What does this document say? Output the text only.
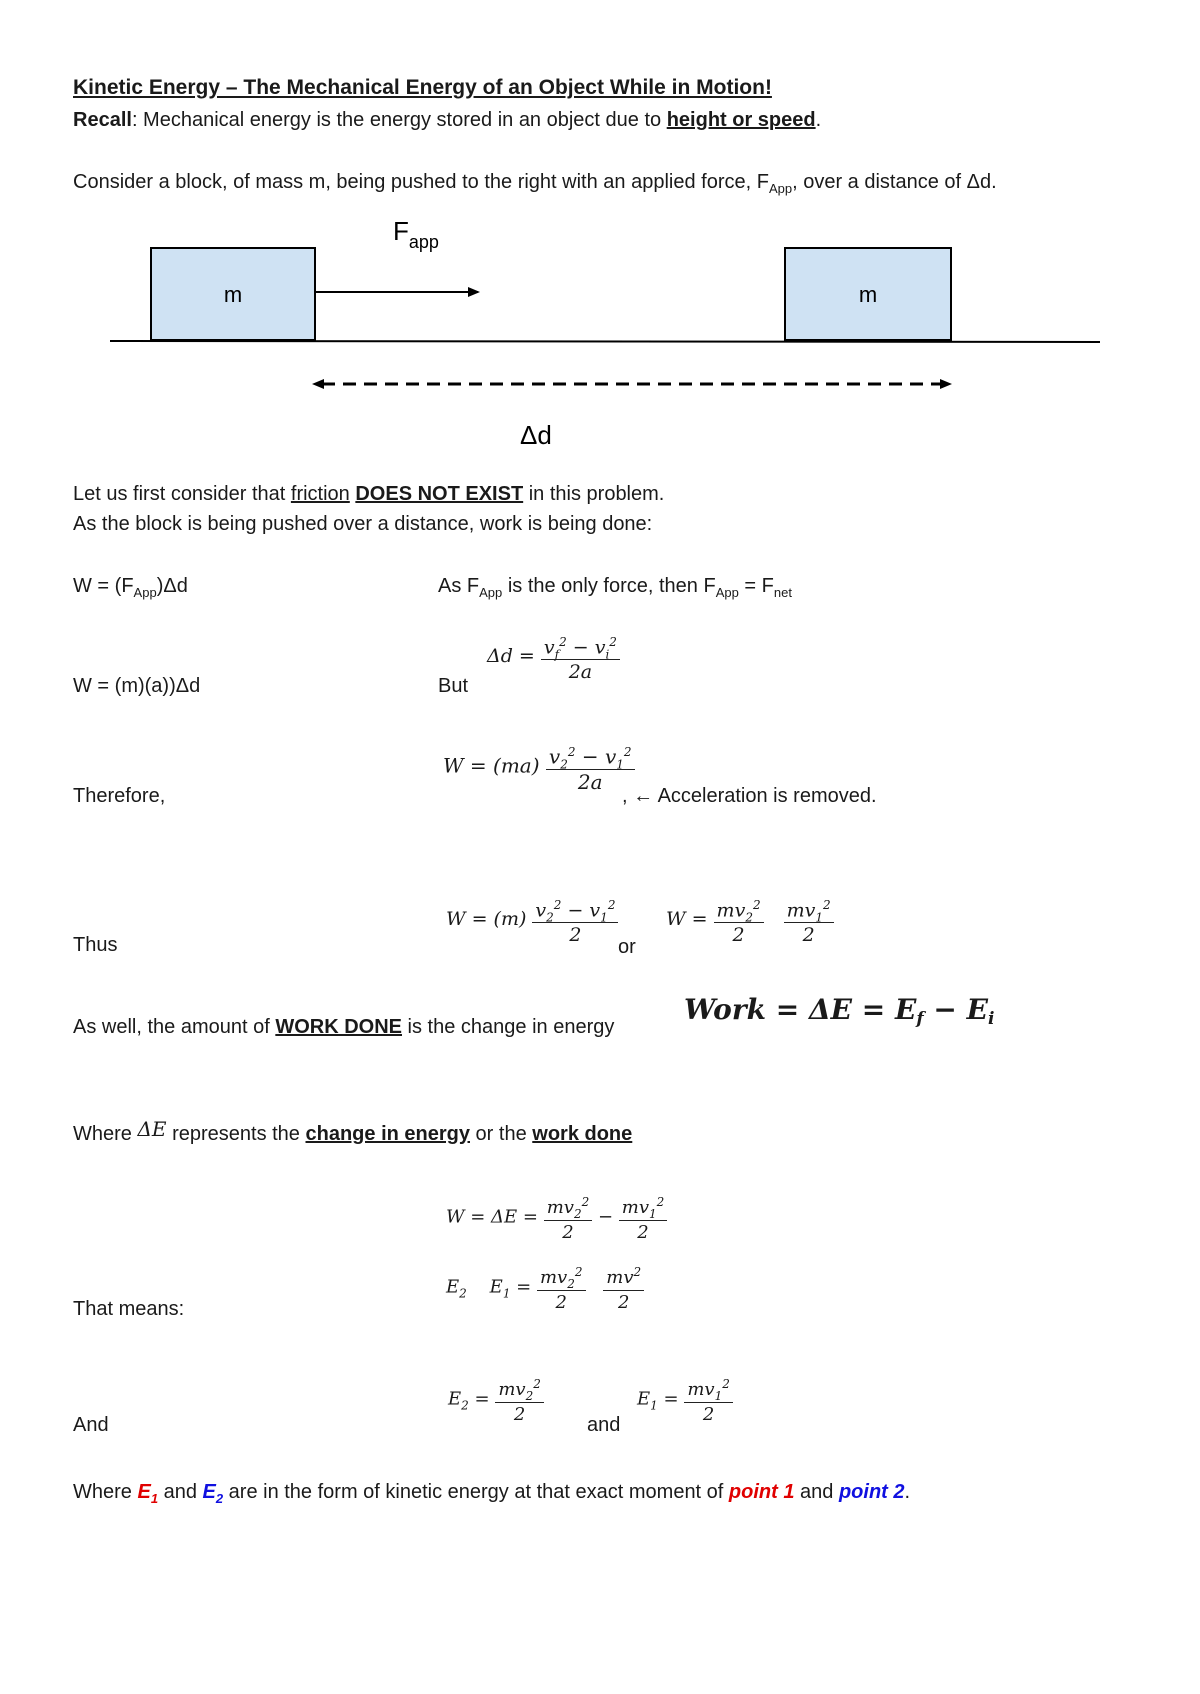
Kinetic Energy – The Mechanical Energy of an Object While in Motion!
Recall: Mechanical energy is the energy stored in an object due to height or speed.
Consider a block, of mass m, being pushed to the right with an applied force, $F_{App}$, over a distance of Δd.
m	m
$F_{app}$
Δd
Let us first consider that friction DOES NOT EXIST in this problem.
As the block is being pushed over a distance, work is being done:
$W = (F_{App})\Delta d$	As $F_{App}$ is the only force, then $F_{App} = F_{net}$
W = (m)(a))Δd	But
$\Delta d = \frac{v_f^2 - v_i^2}{2a}$
Therefore,
$W = (ma) \frac{v_2^2 - v_1^2}{2a}$
, ← Acceleration is removed.
Thus
$W = (m) \frac{v_2^2 - v_1^2}{2}$ or
$W = \frac{mv_2^2}{2}$
$\frac{mv_1^2}{2}$
As well, the amount of WORK DONE is the change in energy
Work = $\Delta E = E_f - E_i$
Where ΔE represents the change in energy or the work done
$W = \Delta E = \frac{mv_2^2}{2} - \frac{mv_1^2}{2}$
$E_2$    $E_1 = \frac{mv_2^2}{2}$
$\frac{mv^2}{2}$
That means:
And
$E_2 = \frac{mv_2^2}{2}$ and
$E_1 = \frac{mv_1^2}{2}$
Where $E_1$ and $E_2$ are in the form of kinetic energy at that exact moment of point 1 and point 2.
